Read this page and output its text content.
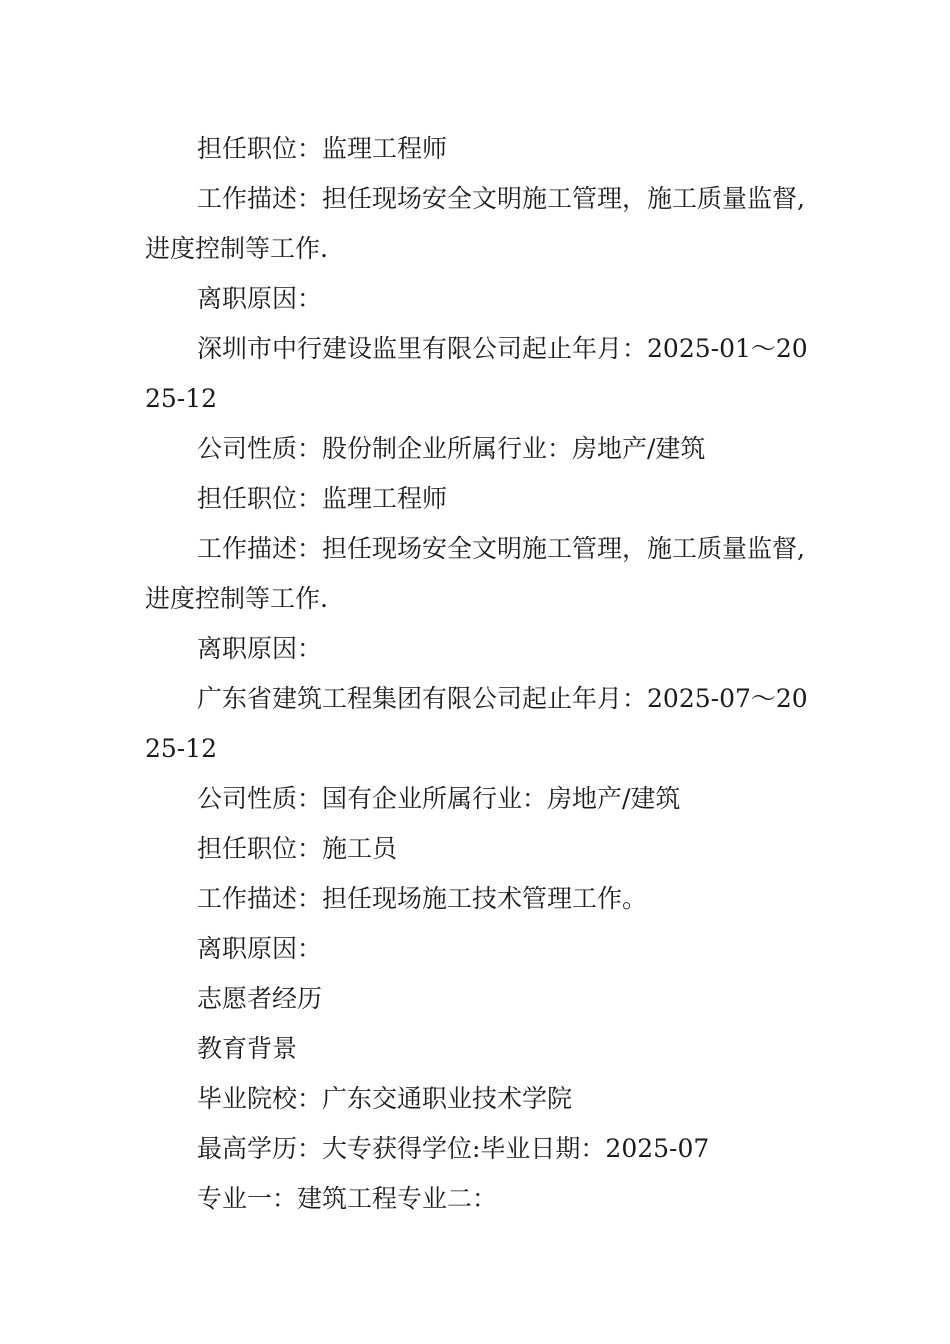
担任职位：监理工程师

工作描述：担任现场安全文明施工管理，施工质量监督,进度控制等工作.

离职原因：

深圳市中行建设监里有限公司起止年月：2025-01～2025-12

公司性质：股份制企业所属行业：房地产/建筑

担任职位：监理工程师

工作描述：担任现场安全文明施工管理，施工质量监督,进度控制等工作.

离职原因：

广东省建筑工程集团有限公司起止年月：2025-07～2025-12

公司性质：国有企业所属行业：房地产/建筑

担任职位：施工员

工作描述：担任现场施工技术管理工作。

离职原因：

志愿者经历

教育背景

毕业院校：广东交通职业技术学院

最高学历：大专获得学位:毕业日期：2025-07

专业一：建筑工程专业二：
